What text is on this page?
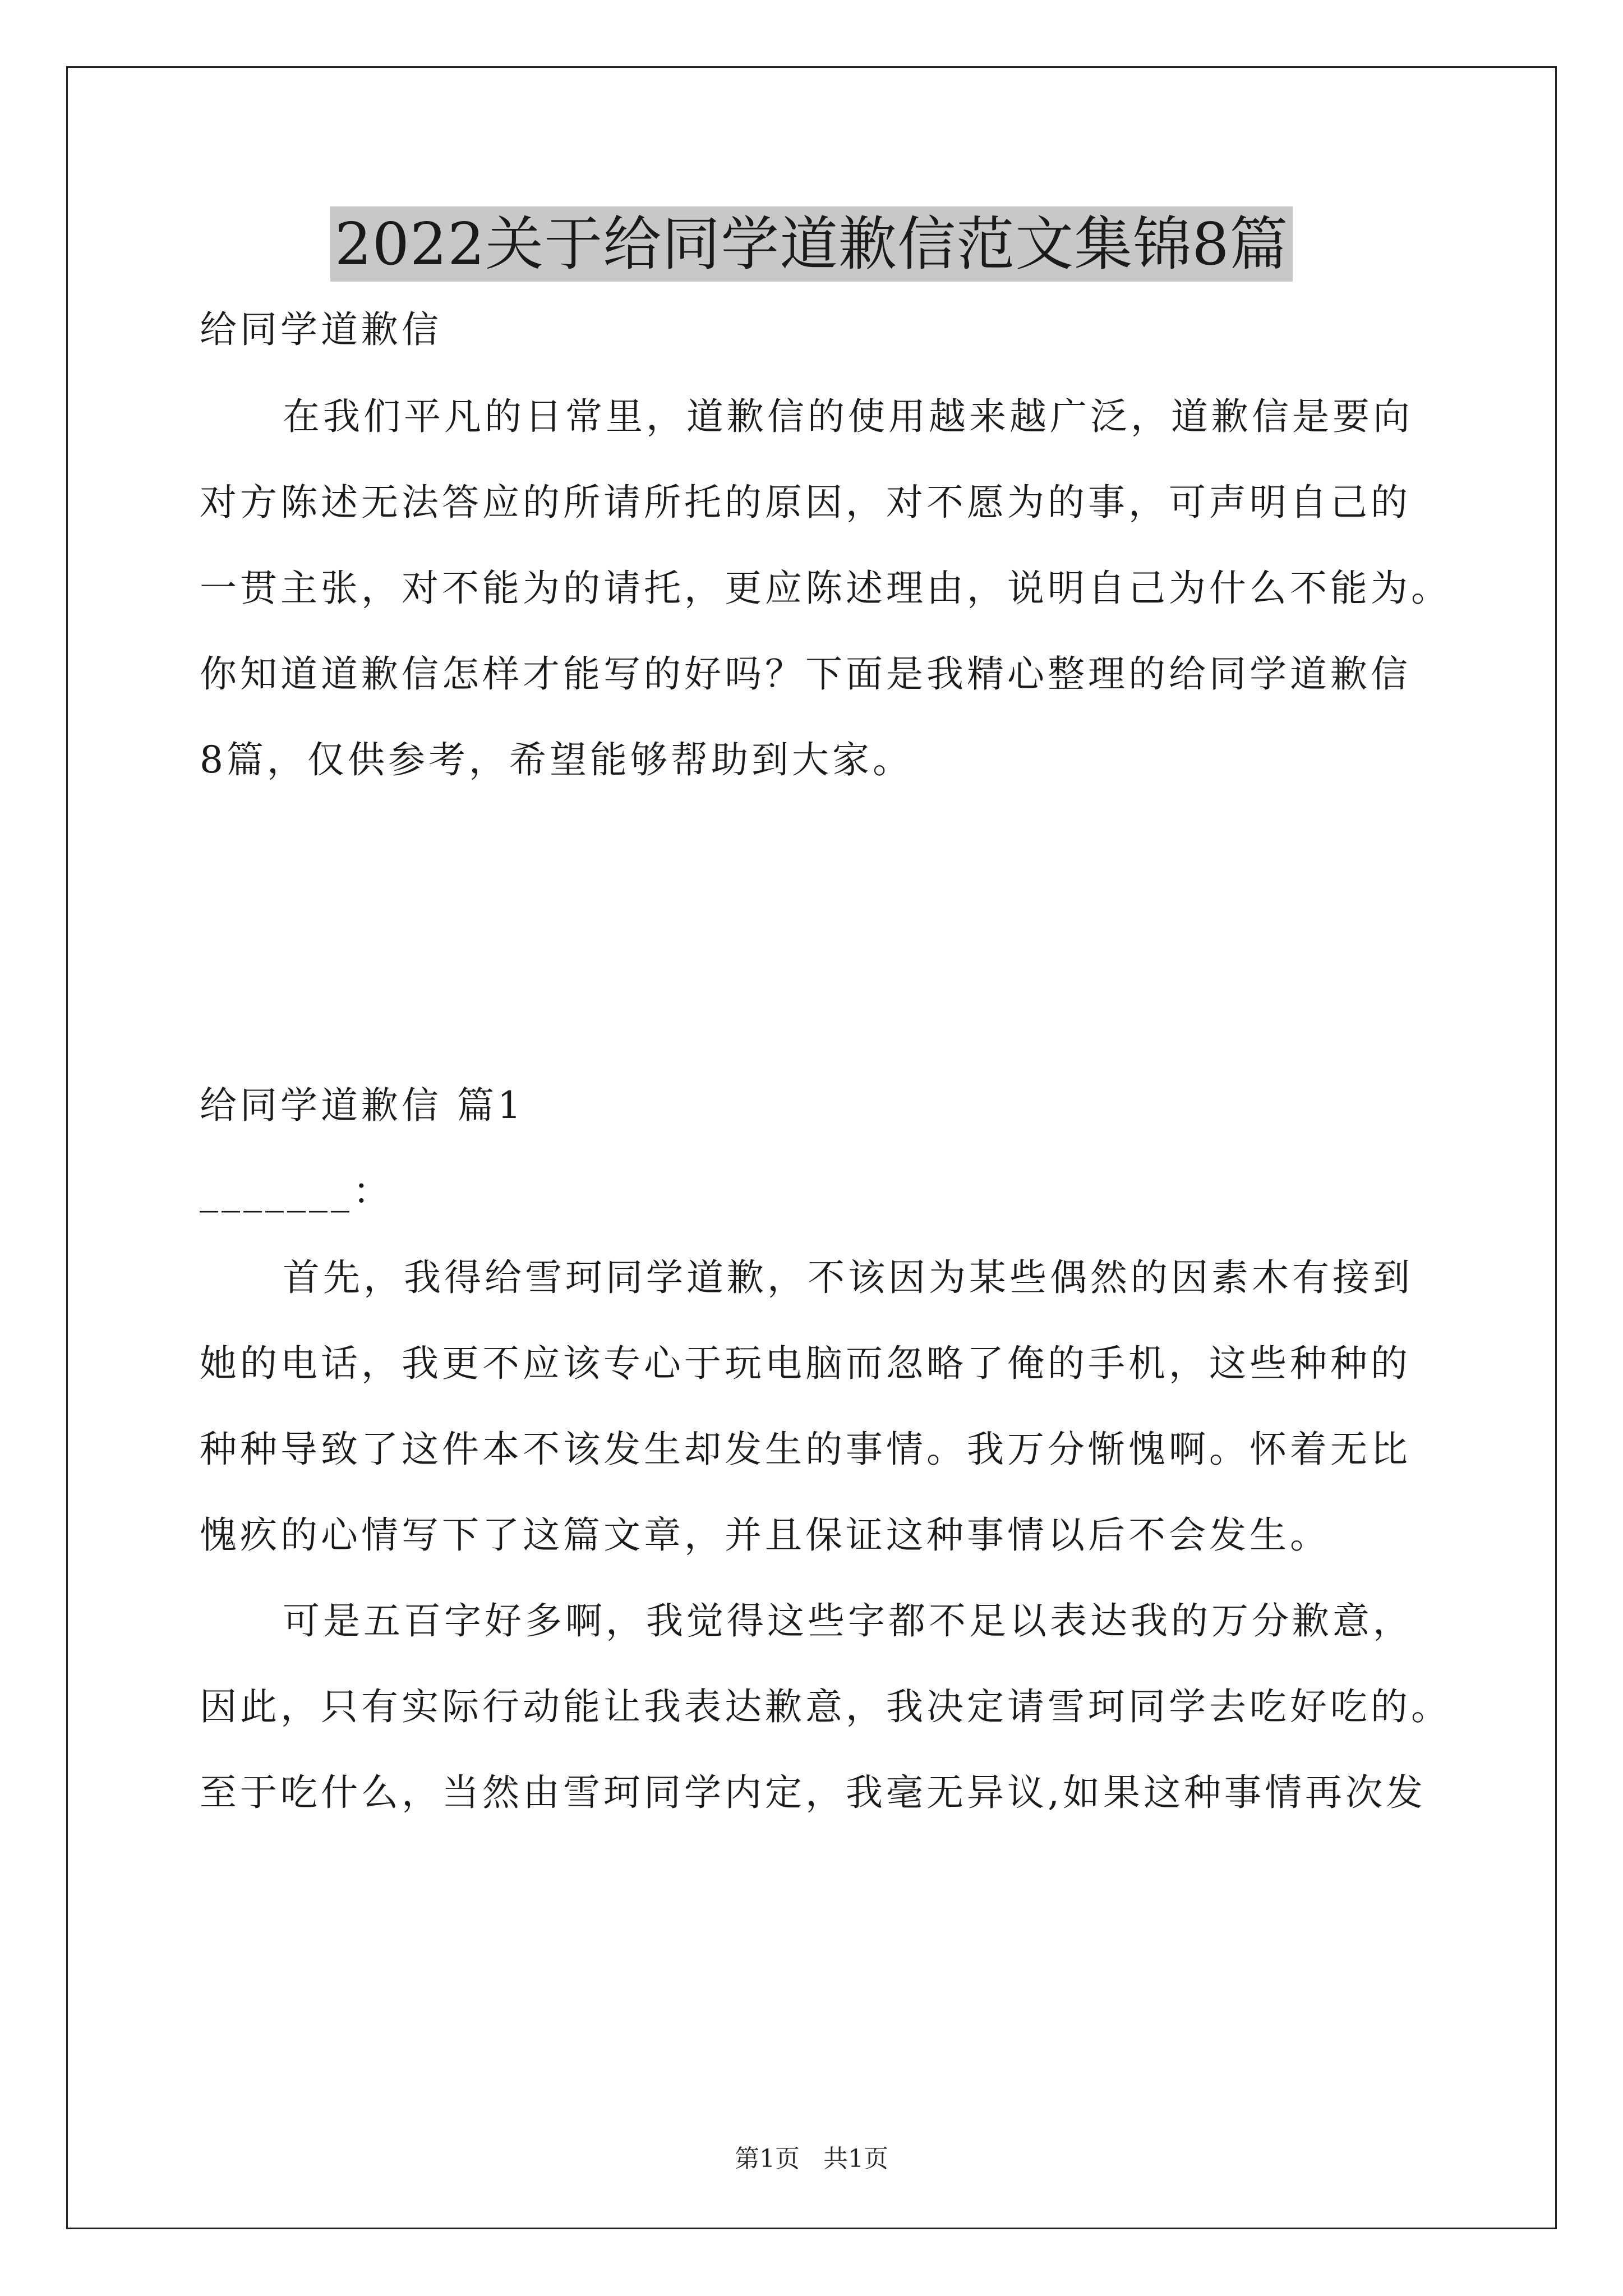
2022关于给同学道歉信范文集锦8篇

给同学道歉信

在我们平凡的日常里，道歉信的使用越来越广泛，道歉信是要向

对方陈述无法答应的所请所托的原因，对不愿为的事，可声明自己的

一贯主张，对不能为的请托，更应陈述理由，说明自己为什么不能为。

你知道道歉信怎样才能写的好吗？下面是我精心整理的给同学道歉信

8篇，仅供参考，希望能够帮助到大家。

给同学道歉信 篇1

_______：

首先，我得给雪珂同学道歉，不该因为某些偶然的因素木有接到

她的电话，我更不应该专心于玩电脑而忽略了俺的手机，这些种种的

种种导致了这件本不该发生却发生的事情。我万分惭愧啊。怀着无比

愧疚的心情写下了这篇文章，并且保证这种事情以后不会发生。

可是五百字好多啊，我觉得这些字都不足以表达我的万分歉意，

因此，只有实际行动能让我表达歉意，我决定请雪珂同学去吃好吃的。

至于吃什么，当然由雪珂同学内定，我毫无异议,如果这种事情再次发

第1页 共1页
